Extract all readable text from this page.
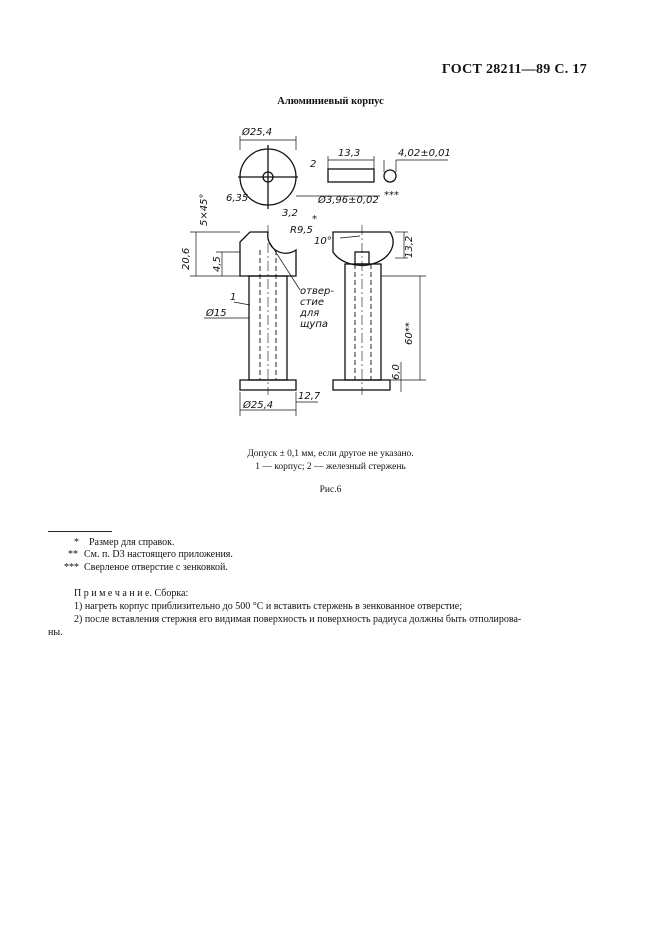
ГОСТ 28211—89 С. 17
Алюминиевый корпус
Ø25,4
2
13,3	4,02±0,01
Ø3,96±0,02 ***
5×45° 6,35
3,2
R9,5
*
10°
20,6 4,5
13,2
отвер-
стие
для
щупа
1
Ø15
60**
6,0
12,7
Ø25,4
Допуск ± 0,1 мм, если другое не указано.
1 — корпус; 2 — железный стержень
Рис.6
* Размер для справок.
** См. п. D3 настоящего приложения.
*** Сверленое отверстие с зенковкой.
П р и м е ч а н и е. Сборка:
1) нагреть корпус приблизительно до 500 °С и вставить стержень в зенкованное отверстие;
2) после вставления стержня его видимая поверхность и поверхность радиуса должны быть отполирова-
ны.
